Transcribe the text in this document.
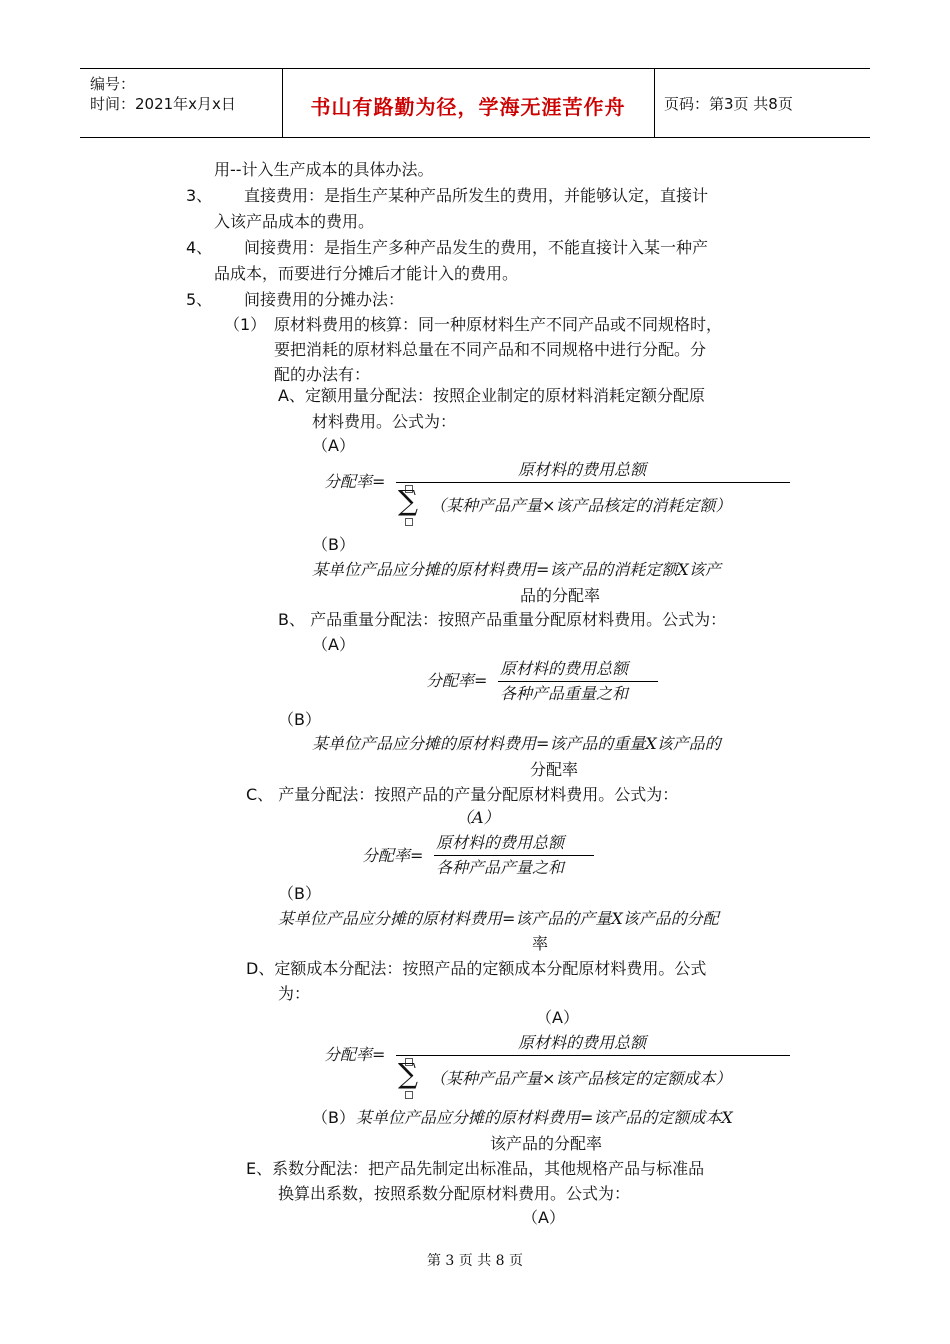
编号：
时间：2021年x月x日	书山有路勤为径，学海无涯苦作舟	页码：第3页 共8页
用--计入生产成本的具体办法。
3、 直接费用：是指生产某种产品所发生的费用，并能够认定，直接计
入该产品成本的费用。
4、 间接费用：是指生产多种产品发生的费用，不能直接计入某一种产
品成本，而要进行分摊后才能计入的费用。
5、 间接费用的分摊办法：
（1） 原材料费用的核算：同一种原材料生产不同产品或不同规格时，
要把消耗的原材料总量在不同产品和不同规格中进行分配。分
配的办法有：
A、定额用量分配法：按照企业制定的原材料消耗定额分配原
材料费用。公式为：
（A）
分配率=
原材料的费用总额
∑ （某种产品产量×该产品核定的消耗定额）
（B）
某单位产品应分摊的原材料费用=该产品的消耗定额X该产
品的分配率
B、 产品重量分配法：按照产品重量分配原材料费用。公式为：
（A）
分配率=
原材料的费用总额
各种产品重量之和
（B）
某单位产品应分摊的原材料费用=该产品的重量X该产品的
分配率
C、 产量分配法：按照产品的产量分配原材料费用。公式为：
（A）
分配率=
原材料的费用总额
各种产品产量之和
（B）
某单位产品应分摊的原材料费用=该产品的产量X该产品的分配
率
D、定额成本分配法：按照产品的定额成本分配原材料费用。公式
为：
（A）
分配率=
原材料的费用总额
∑ （某种产品产量×该产品核定的定额成本）
（B） 某单位产品应分摊的原材料费用=该产品的定额成本X
该产品的分配率
E、系数分配法：把产品先制定出标准品，其他规格产品与标准品
换算出系数，按照系数分配原材料费用。公式为：
（A）
第 3 页 共 8 页
